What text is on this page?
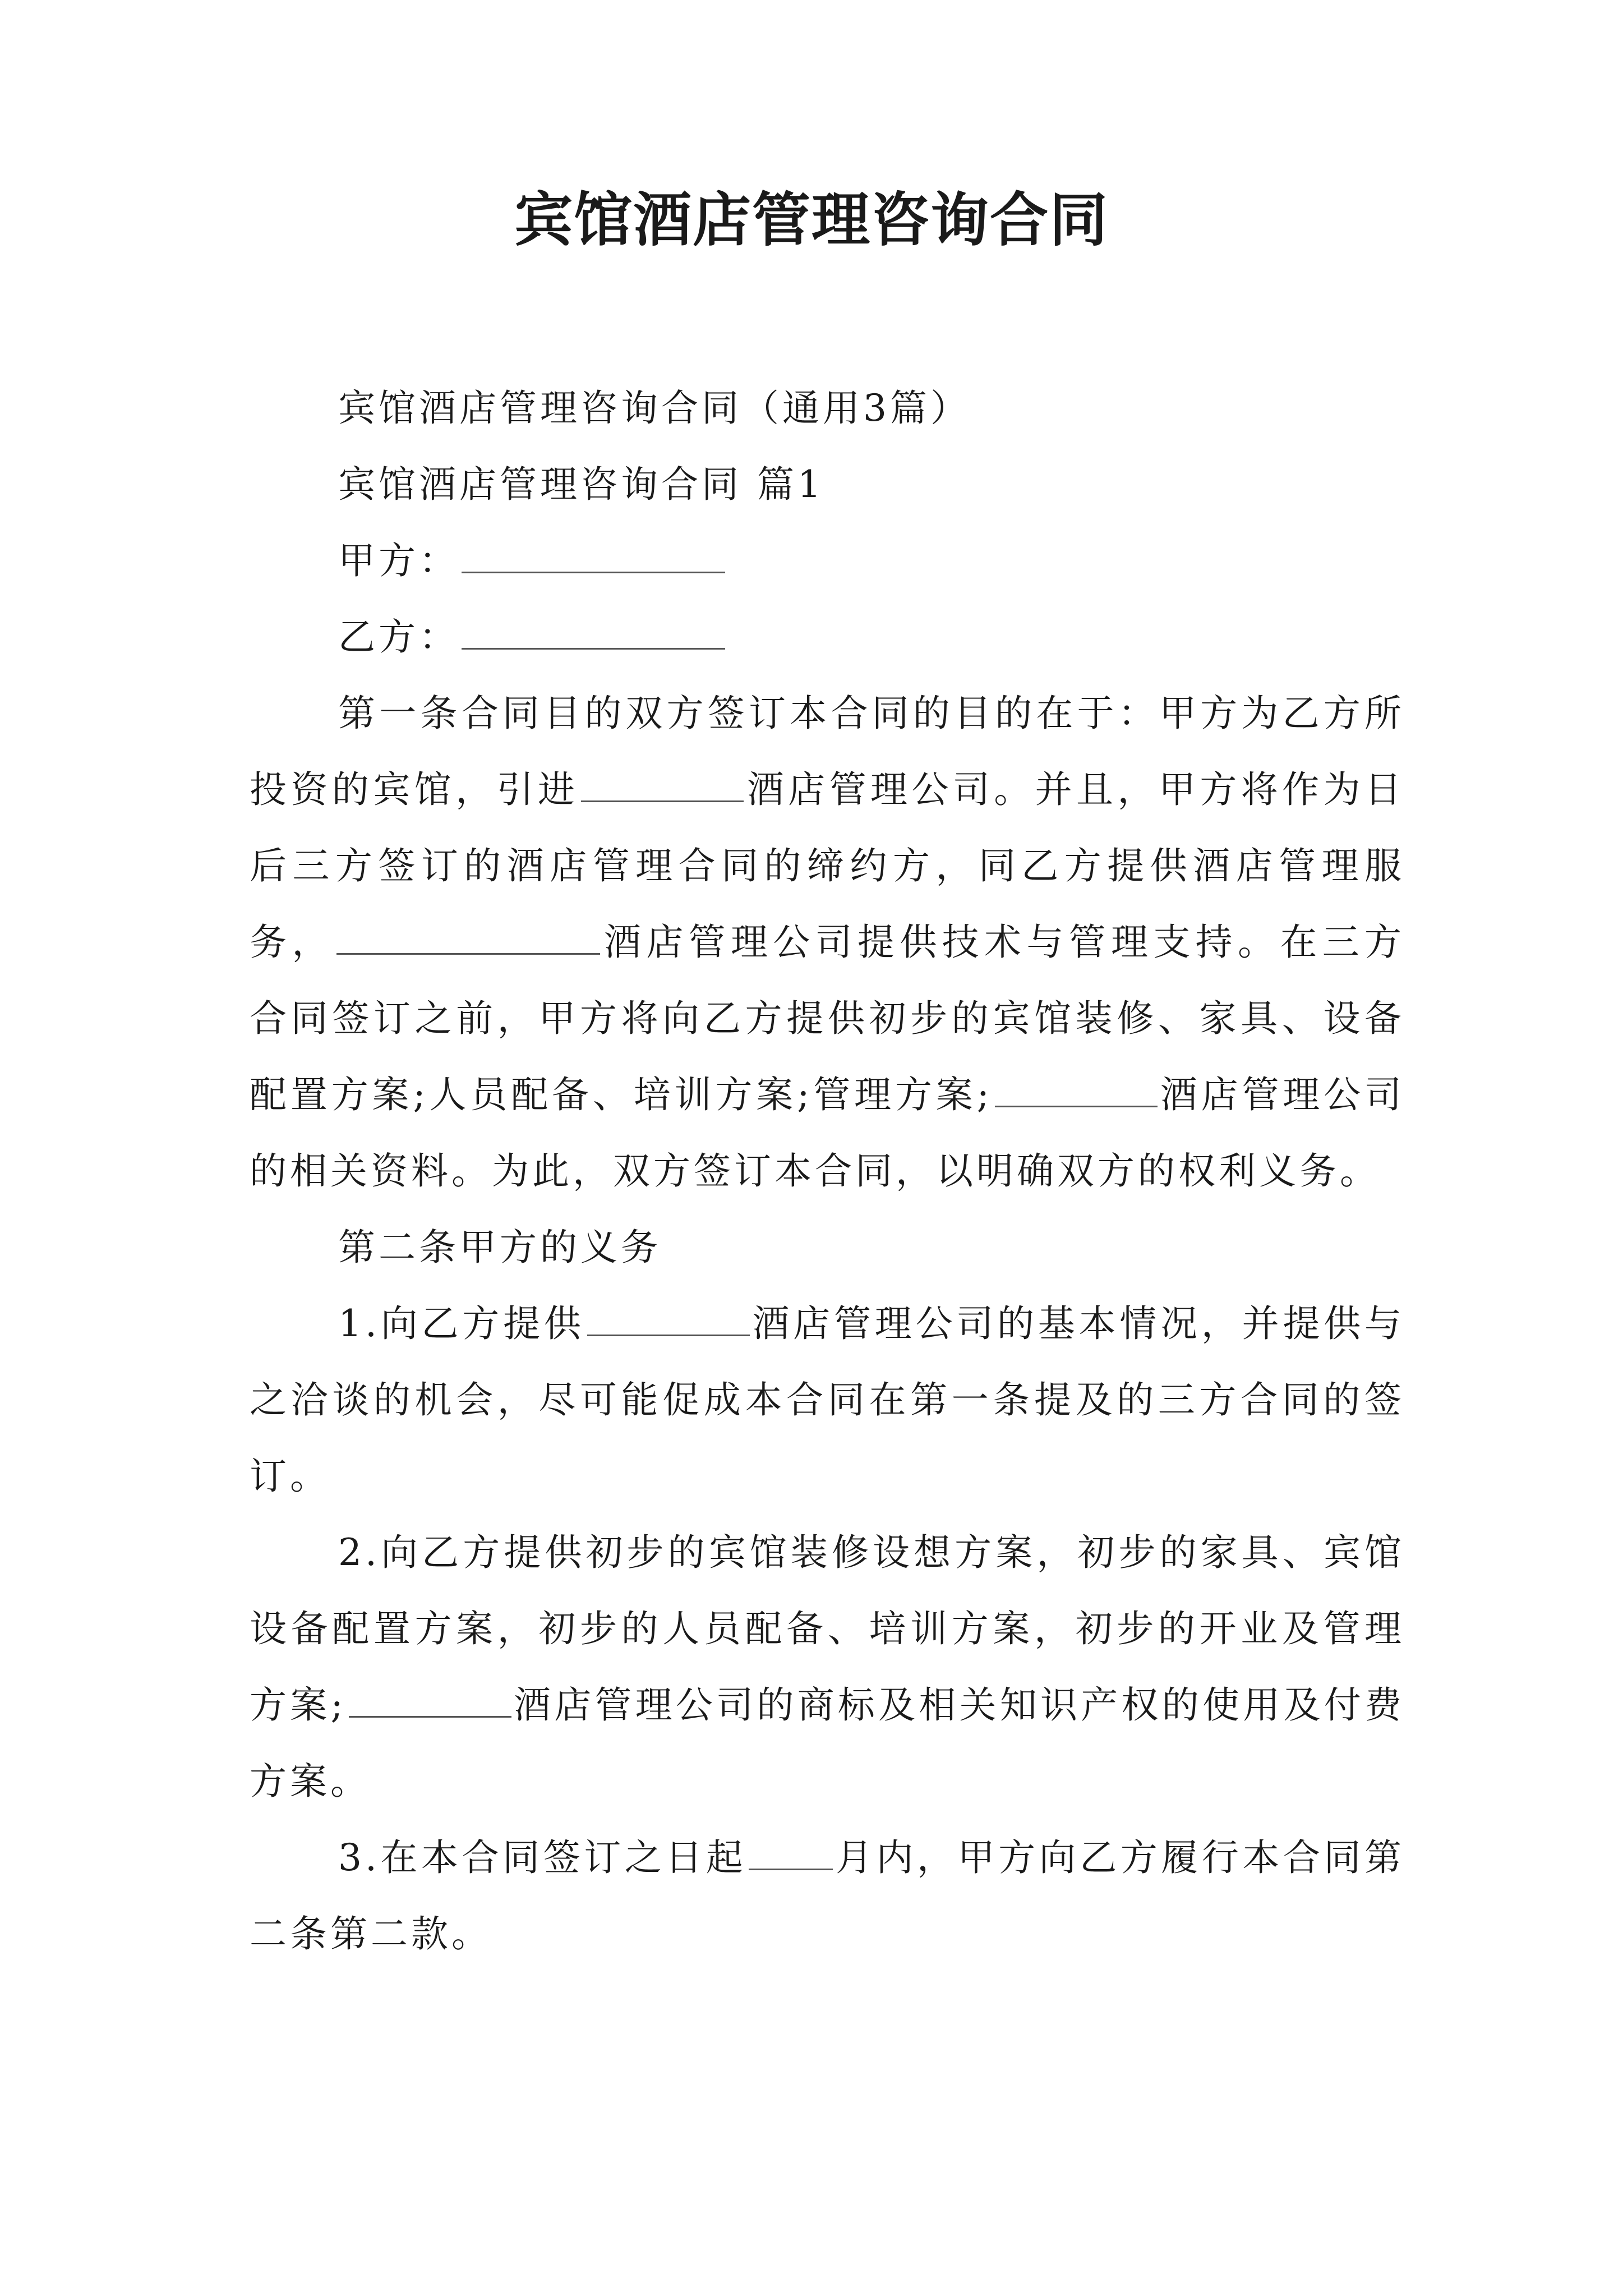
宾馆酒店管理咨询合同

宾馆酒店管理咨询合同（通用3篇）

宾馆酒店管理咨询合同 篇1

甲方：

乙方：

第一条合同目的双方签订本合同的目的在于：甲方为乙方所投资的宾馆，引进	酒店管理公司。并且，甲方将作为日后三方签订的酒店管理合同的缔约方，同乙方提供酒店管理服务，	酒店管理公司提供技术与管理支持。在三方合同签订之前，甲方将向乙方提供初步的宾馆装修、家具、设备配置方案;人员配备、培训方案;管理方案;	酒店管理公司的相关资料。为此，双方签订本合同，以明确双方的权利义务。

第二条甲方的义务

1.向乙方提供	酒店管理公司的基本情况，并提供与之洽谈的机会，尽可能促成本合同在第一条提及的三方合同的签订。

2.向乙方提供初步的宾馆装修设想方案，初步的家具、宾馆设备配置方案，初步的人员配备、培训方案，初步的开业及管理方案;	酒店管理公司的商标及相关知识产权的使用及付费方案。

3.在本合同签订之日起 月内，甲方向乙方履行本合同第二条第二款。
